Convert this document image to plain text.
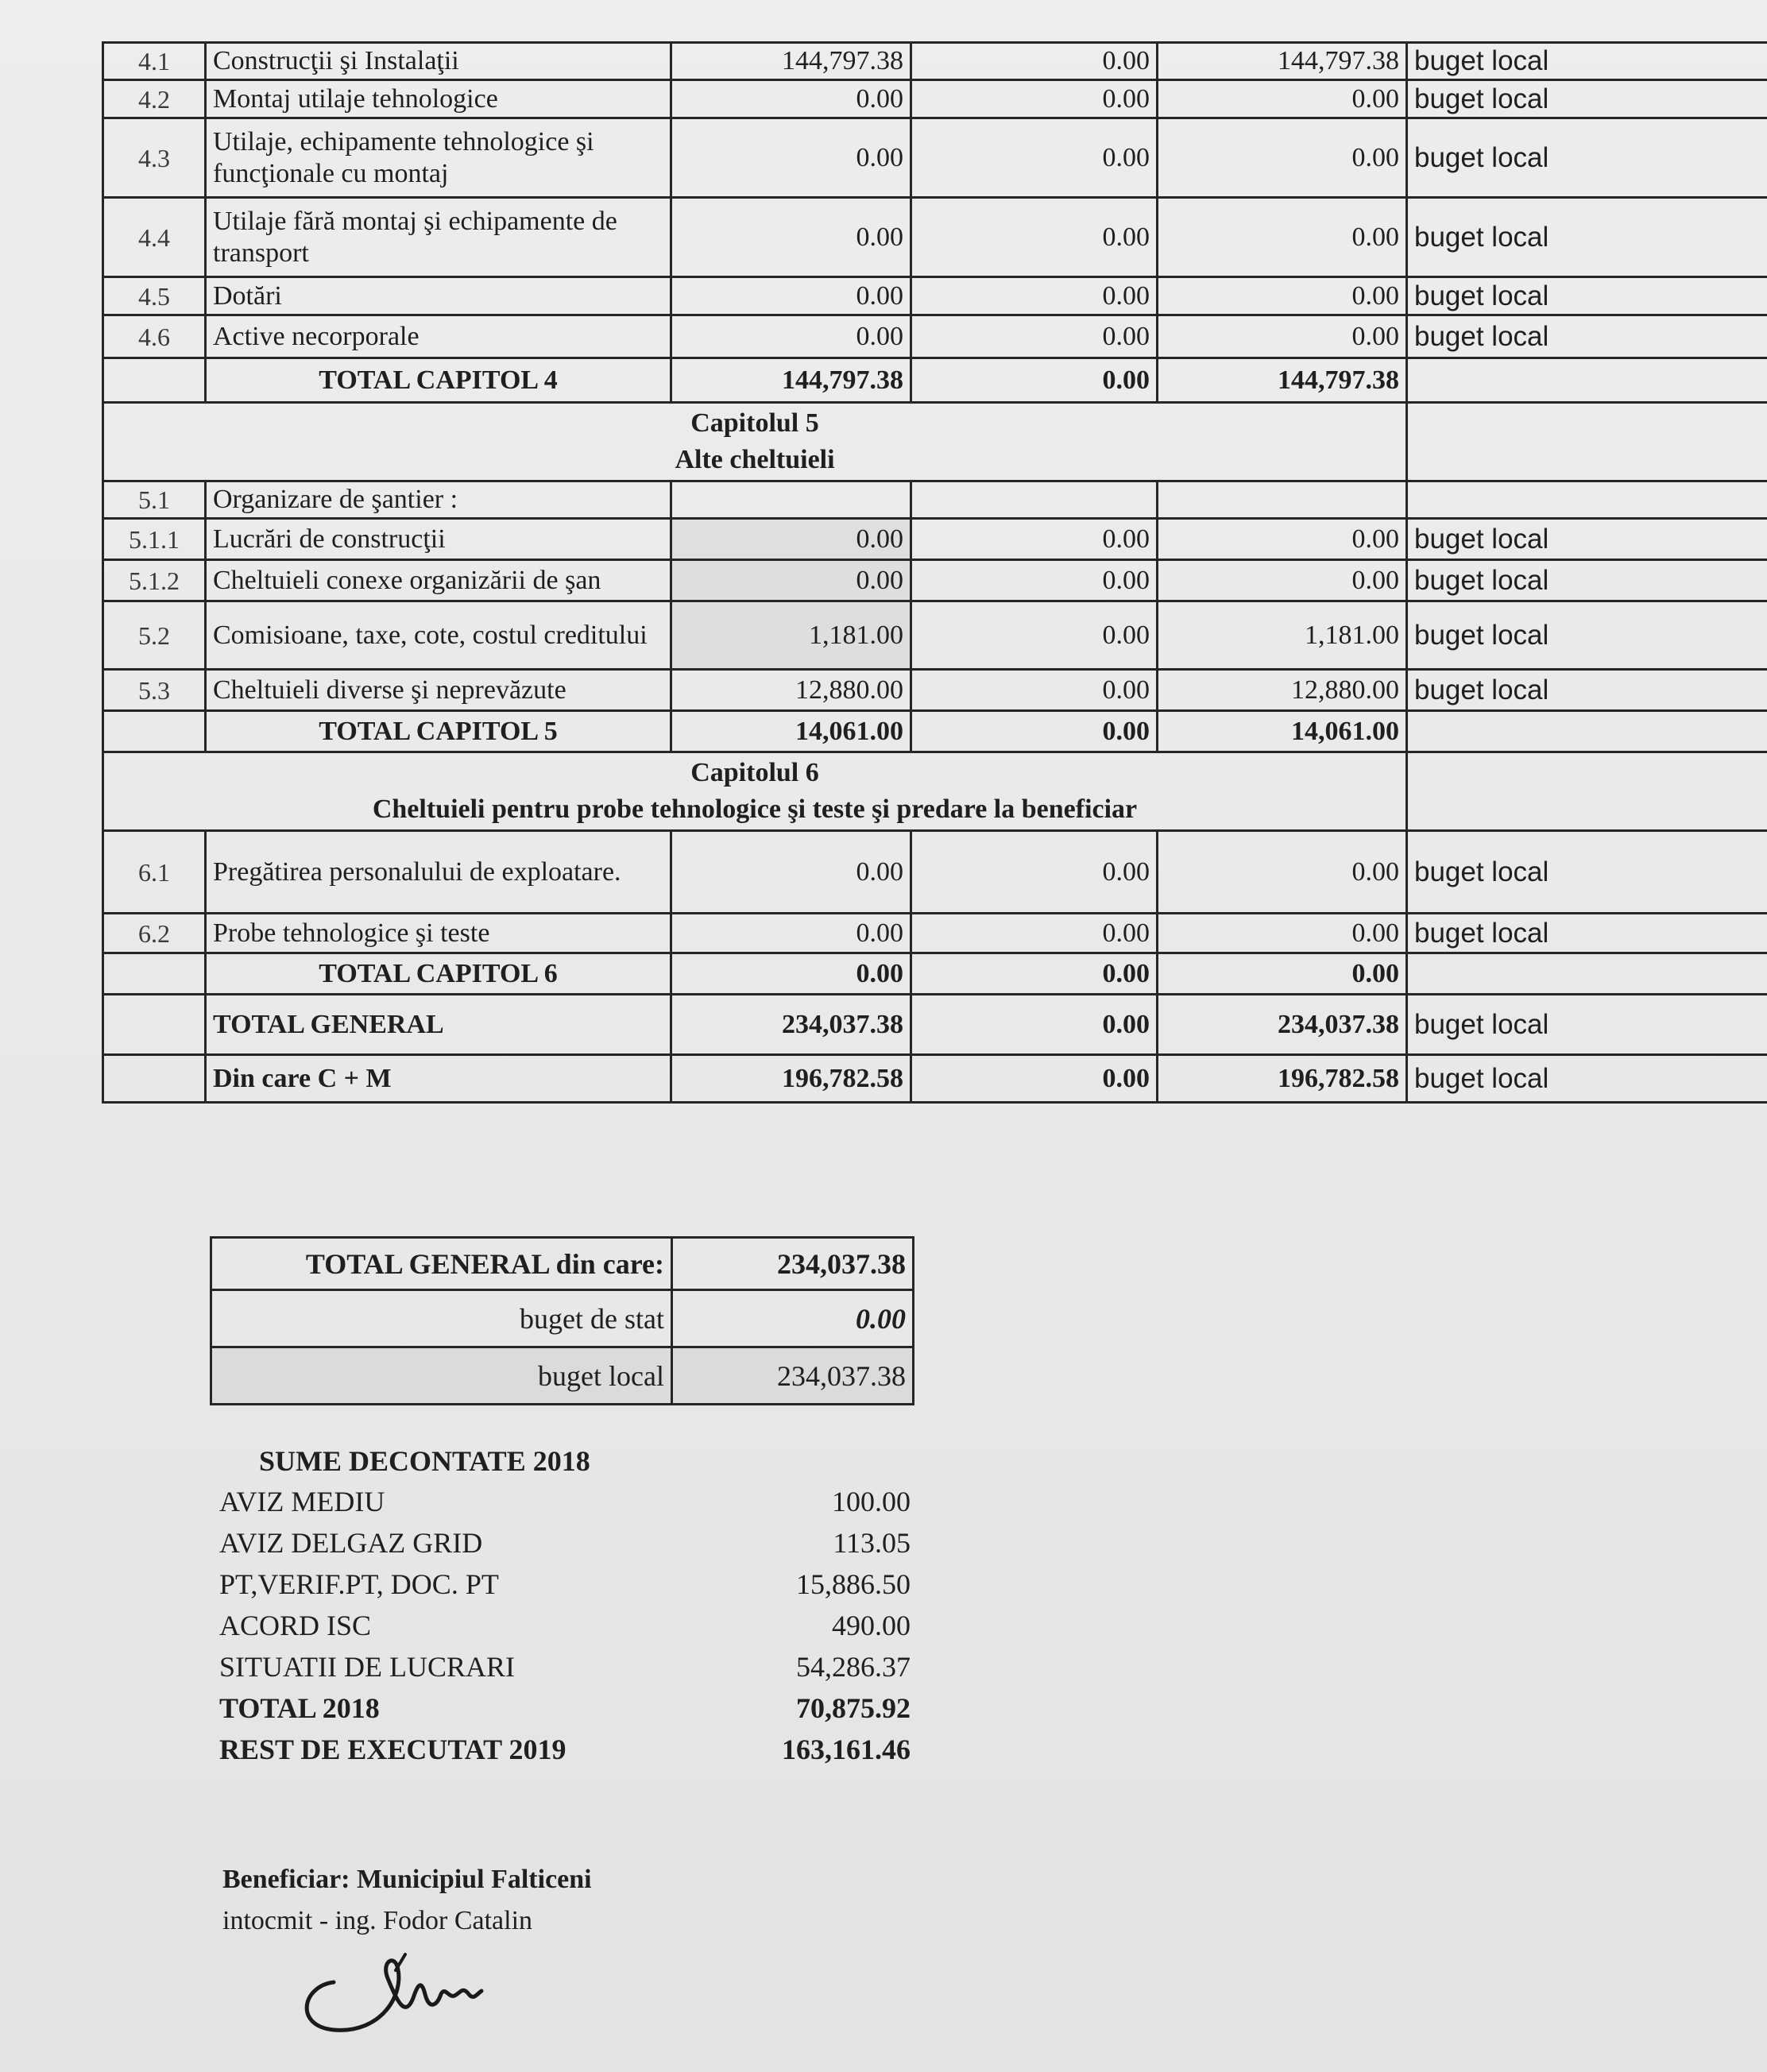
4.1	Construcţii şi Instalaţii	144,797.38	0.00	144,797.38	buget local
4.2	Montaj utilaje tehnologice	0.00	0.00	0.00	buget local
4.3	Utilaje, echipamente tehnologice şi funcţionale cu montaj	0.00	0.00	0.00	buget local
4.4	Utilaje fără montaj şi echipamente de transport	0.00	0.00	0.00	buget local
4.5	Dotări	0.00	0.00	0.00	buget local
4.6	Active necorporale	0.00	0.00	0.00	buget local
	TOTAL CAPITOL 4	144,797.38	0.00	144,797.38	

Capitolul 5
Alte cheltuieli					

5.1	Organizare de şantier :				
5.1.1	Lucrări de construcţii	0.00	0.00	0.00	buget local
5.1.2	Cheltuieli conexe organizării de şan	0.00	0.00	0.00	buget local
5.2	Comisioane, taxe, cote, costul creditului	1,181.00	0.00	1,181.00	buget local
5.3	Cheltuieli diverse şi neprevăzute	12,880.00	0.00	12,880.00	buget local
	TOTAL CAPITOL 5	14,061.00	0.00	14,061.00	

Capitolul 6
Cheltuieli pentru probe tehnologice şi teste şi predare la beneficiar					

6.1	Pregătirea personalului de exploatare.	0.00	0.00	0.00	buget local
6.2	Probe tehnologice şi teste	0.00	0.00	0.00	buget local
	TOTAL CAPITOL 6	0.00	0.00	0.00	
	TOTAL GENERAL	234,037.38	0.00	234,037.38	buget local
	Din care C + M	196,782.58	0.00	196,782.58	buget local
TOTAL GENERAL din care:	234,037.38
buget de stat	0.00
buget local	234,037.38
SUME DECONTATE 2018
AVIZ MEDIU	100.00
AVIZ DELGAZ GRID	113.05
PT,VERIF.PT, DOC. PT	15,886.50
ACORD ISC	490.00
SITUATII DE LUCRARI	54,286.37
TOTAL 2018	70,875.92
REST DE EXECUTAT 2019	163,161.46
Beneficiar: Municipiul Falticeni
intocmit - ing. Fodor Catalin
